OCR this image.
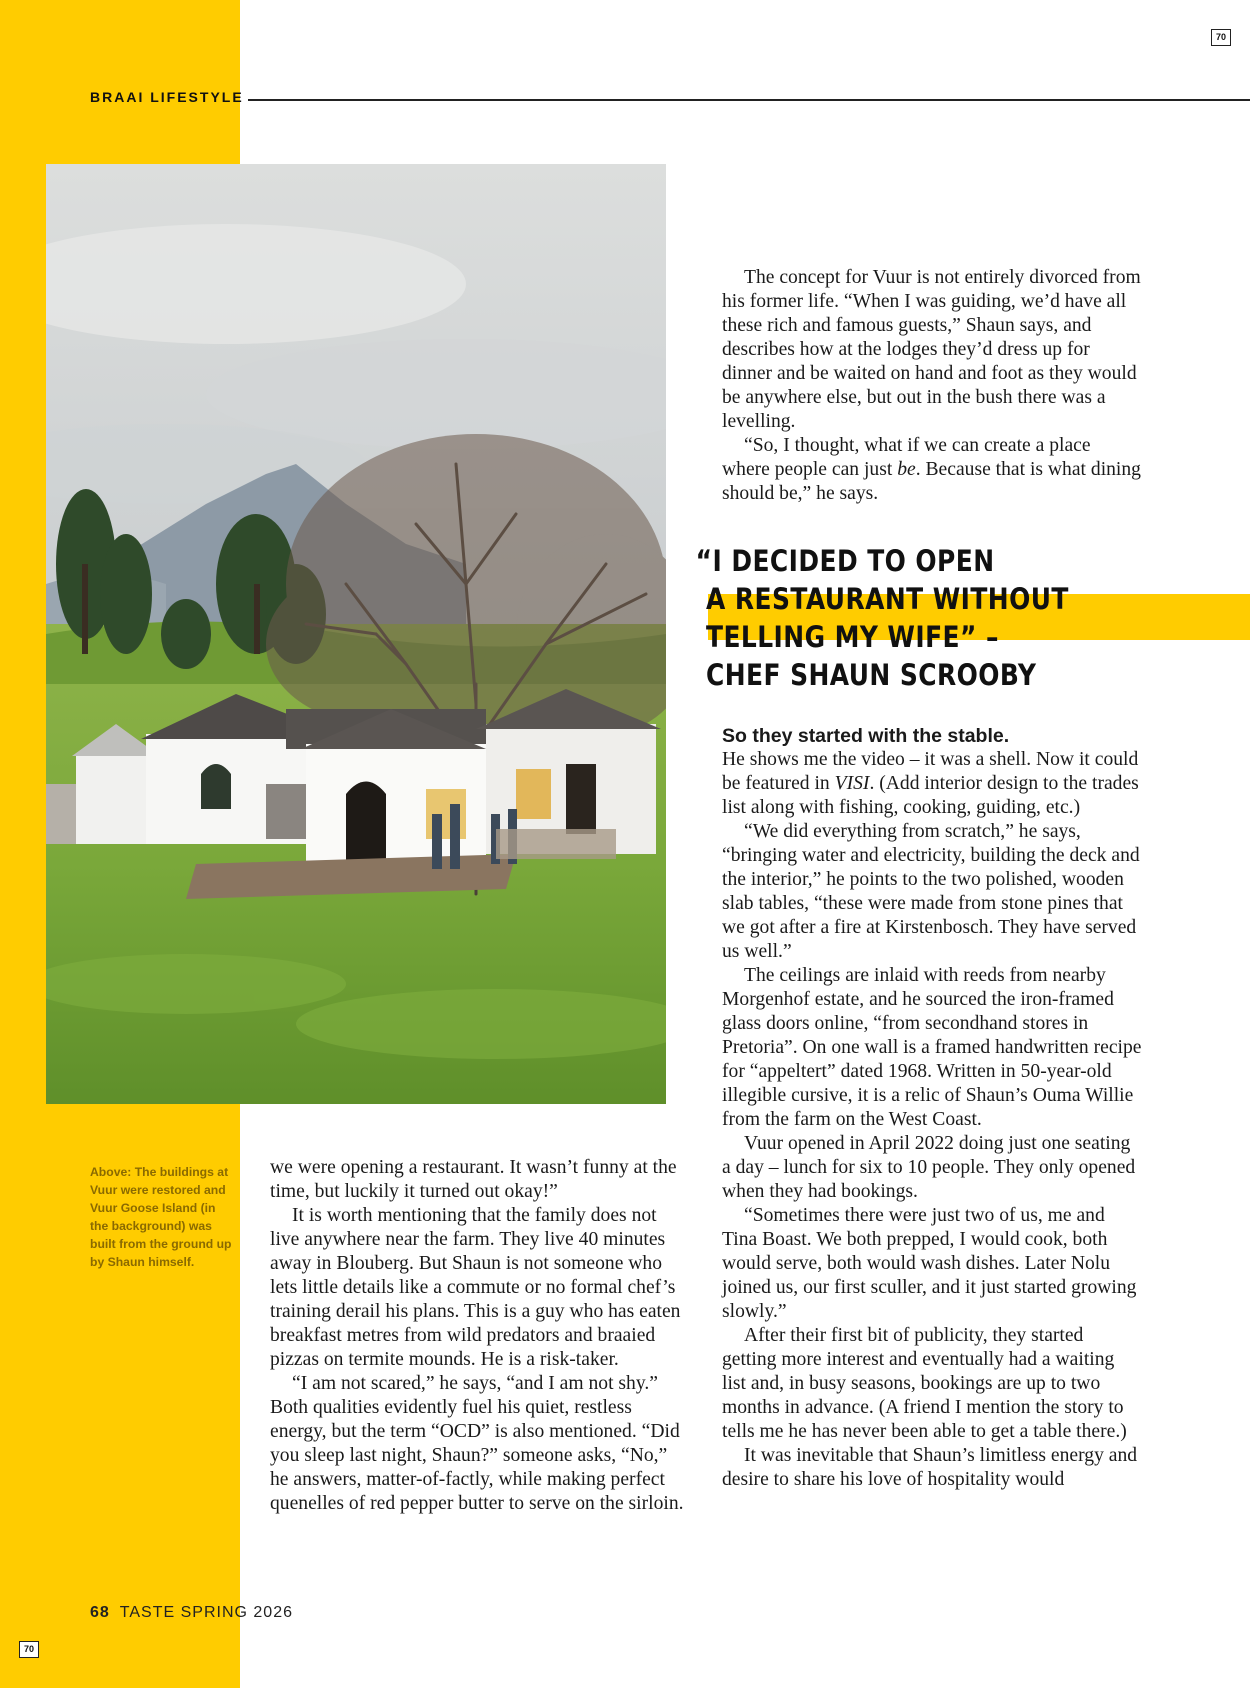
70
70
BRAAI LIFESTYLE

Above: The buildings at Vuur were restored and Vuur Goose Island (in the background) was built from the ground up by Shaun himself.

we were opening a restaurant. It wasn’t funny at the time, but luckily it turned out okay!”

It is worth mentioning that the family does not live anywhere near the farm. They live 40 minutes away in Blouberg. But Shaun is not someone who lets little details like a commute or no formal chef’s training derail his plans. This is a guy who has eaten breakfast metres from wild predators and braaied pizzas on termite mounds. He is a risk-taker.

“I am not scared,” he says, “and I am not shy.” Both qualities evidently fuel his quiet, restless energy, but the term “OCD” is also mentioned. “Did you sleep last night, Shaun?” someone asks, “No,” he answers, matter-of-factly, while making perfect quenelles of red pepper butter to serve on the sirloin.

The concept for Vuur is not entirely divorced from his former life. “When I was guiding, we’d have all these rich and famous guests,” Shaun says, and describes how at the lodges they’d dress up for dinner and be waited on hand and foot as they would be anywhere else, but out in the bush there was a levelling.

“So, I thought, what if we can create a place where people can just be. Because that is what dining should be,” he says.

“I DECIDED TO OPEN
A RESTAURANT WITHOUT
TELLING MY WIFE” –
CHEF SHAUN SCROOBY

So they started with the stable.

He shows me the video – it was a shell. Now it could be featured in VISI. (Add interior design to the trades list along with fishing, cooking, guiding, etc.)

“We did everything from scratch,” he says, “bringing water and electricity, building the deck and the interior,” he points to the two polished, wooden slab tables, “these were made from stone pines that we got after a fire at Kirstenbosch. They have served us well.”

The ceilings are inlaid with reeds from nearby Morgenhof estate, and he sourced the iron-framed glass doors online, “from secondhand stores in Pretoria”. On one wall is a framed handwritten recipe for “appeltert” dated 1968. Written in 50-year-old illegible cursive, it is a relic of Shaun’s Ouma Willie from the farm on the West Coast.

Vuur opened in April 2022 doing just one seating a day – lunch for six to 10 people. They only opened when they had bookings.

“Sometimes there were just two of us, me and Tina Boast. We both prepped, I would cook, both would serve, both would wash dishes. Later Nolu joined us, our first sculler, and it just started growing slowly.”

After their first bit of publicity, they started getting more interest and eventually had a waiting list and, in busy seasons, bookings are up to two months in advance. (A friend I mention the story to tells me he has never been able to get a table there.)

It was inevitable that Shaun’s limitless energy and desire to share his love of hospitality would

68 TASTE SPRING 2026
